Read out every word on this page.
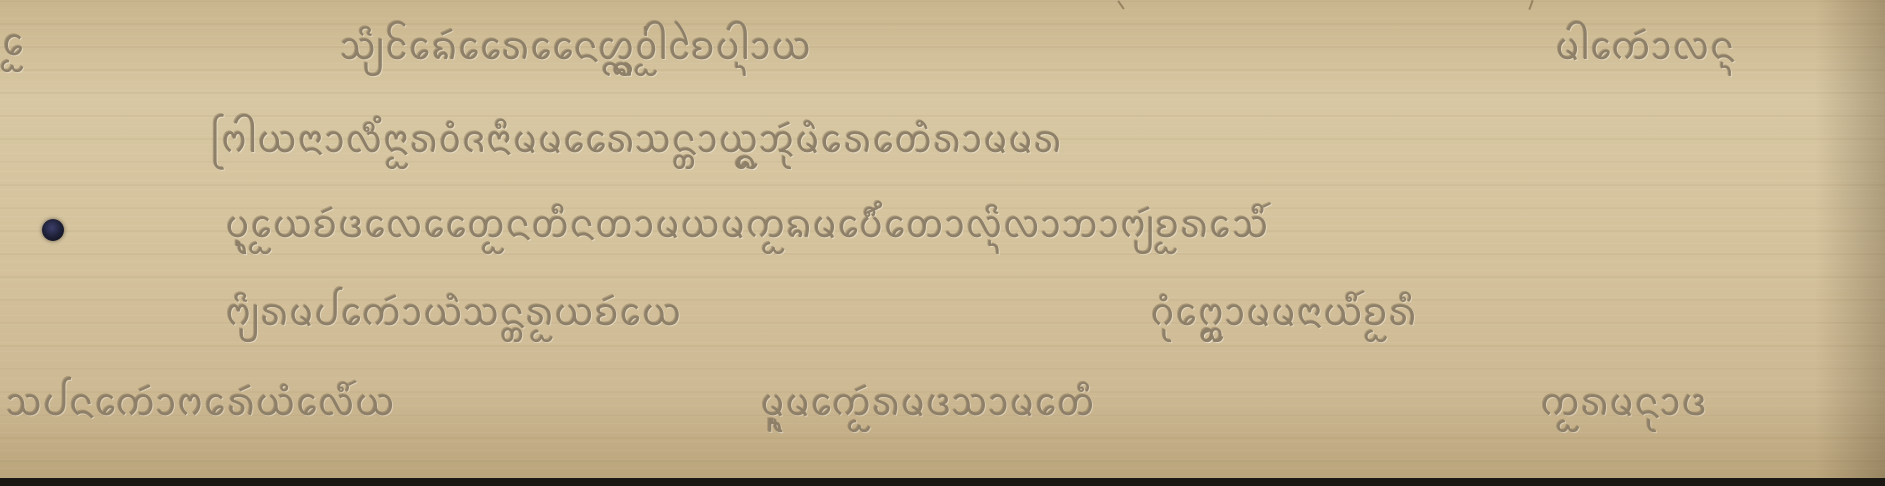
ᩫᩮᩬ	ᩈᩦ᩠ᨿᩰᨦᩮᩢᩁᩯᨶᩯᩉᩖᩬ᩠ᨦᩅ᩵ᩤᨧᩱᨷᩤ᩠ᨶᩣᨿ	ᨾᩤᨠᩮᩢᩣᩃᨶ᩠ᨶ

ᨻᩕᩤᨿᨶᩣᩣᩃᩥᩴᨶᩣᩬᩁᩅᩴᨩᨶᩣᩥᨾᨾᩁᩯᩈᨶ᩠ᨲᩣᨿᩬ᩠ᨦᩋᩩᩢᨾᩫᩁᩮᨲᩮᩫᩁᩣᨾᨾᩁ

ᨷᩩ᩠ᨶᩮᩬᨿᨧᩢᨴᩃᩮᨲᩯᩬᨶᨲᩥᨶᨲᩣᨾᨿᨾᨠᩬᨦᨾᨷᩮᩢᩥᩴᨲᩮᩣᩃᩦ᩠ᨶᩃᩣᨽᩣᨻ᩠ᨿᩬᩢᨧᩁᩈᩮᩥᩢ

ᨻᩦ᩠ᨿᩁᨾᨸᨠᩮᩢᩣᨿᩫᩈᨶ᩠ᨲᩁᩬᨿᨧᩢᩮᨿ	ᨣᩩᩴᨻᩮᩬ᩠ᨲᩣᨾᨾᨶᩣᨿᩥᩢᨧᩬᩁᩥ

ᩈᨸᨶᨠᩮᩢᩣᨻᩁᩮᩢᨿᩴᩃᩮᩥᩢᨿ	ᨾᩪ᩠ᨶᨾᨠᩮᩢᩬᩁᨾᨴᩈᩣᨾᨲᩮᩥ	ᨠᩬᩁᨾᨶᩩᩣᨴ
